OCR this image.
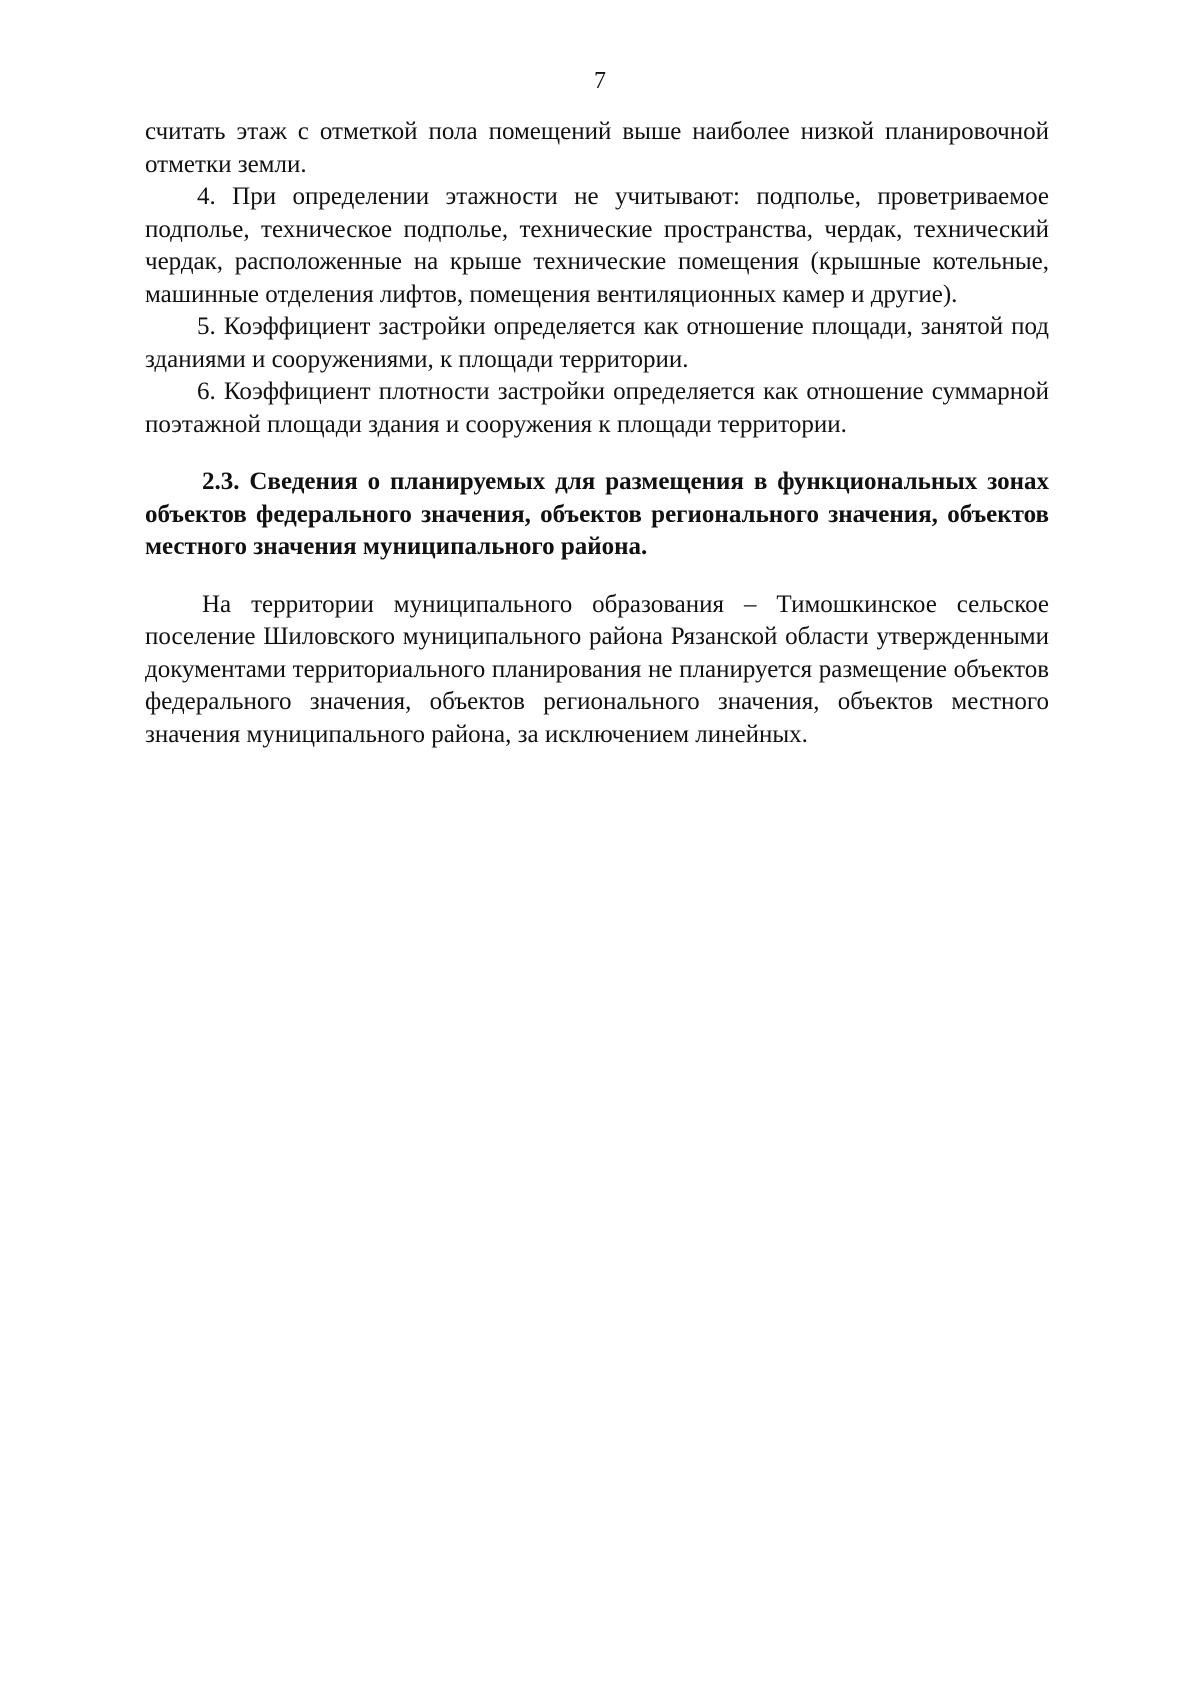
7

считать этаж с отметкой пола помещений выше наиболее низкой планировочной отметки земли.

4. При определении этажности не учитывают: подполье, проветриваемое подполье, техническое подполье, технические пространства, чердак, технический чердак, расположенные на крыше технические помещения (крышные котельные, машинные отделения лифтов, помещения вентиляционных камер и другие).

5. Коэффициент застройки определяется как отношение площади, занятой под зданиями и сооружениями, к площади территории.

6. Коэффициент плотности застройки определяется как отношение суммарной поэтажной площади здания и сооружения к площади территории.

2.3. Сведения о планируемых для размещения в функциональных зонах объектов федерального значения, объектов регионального значения, объектов местного значения муниципального района.

На территории муниципального образования – Тимошкинское сельское поселение Шиловского муниципального района Рязанской области утвержденными документами территориального планирования не планируется размещение объектов федерального значения, объектов регионального значения, объектов местного значения муниципального района, за исключением линейных.
